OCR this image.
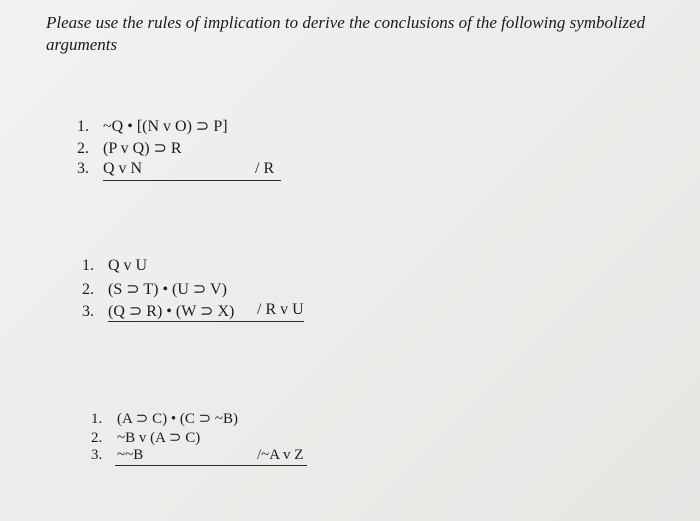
Please use the rules of implication to derive the conclusions of the following symbolized arguments
1. ~Q • [(N v O) ⊃ P]
2. (P v Q) ⊃ R
3. Q v N	/ R
1. Q v U
2. (S ⊃ T) • (U ⊃ V)
3. (Q ⊃ R) • (W ⊃ X) / R v U
1. (A ⊃ C) • (C ⊃ ~B)
2. ~B v (A ⊃ C)
3. ~~B	/~A v Z
